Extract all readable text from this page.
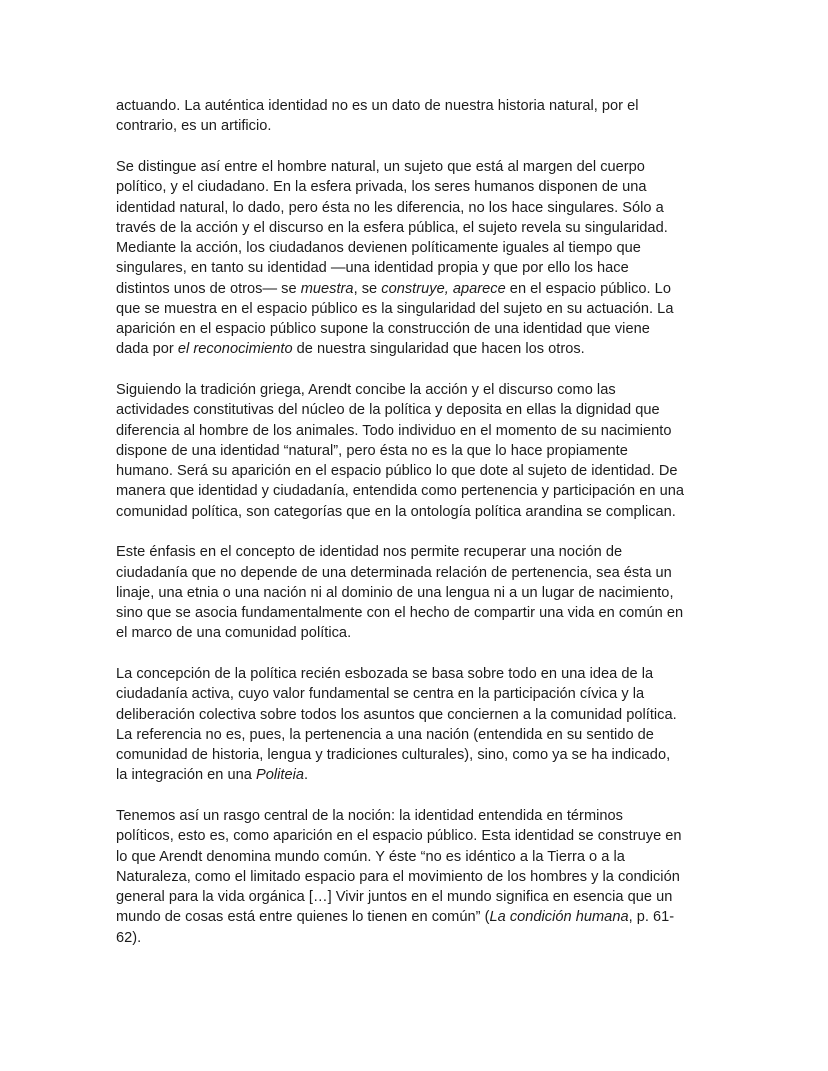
actuando. La auténtica identidad no es un dato de nuestra historia natural, por el
contrario, es un artificio.

Se distingue así entre el hombre natural, un sujeto que está al margen del cuerpo
político, y el ciudadano. En la esfera privada, los seres humanos disponen de una
identidad natural, lo dado, pero ésta no les diferencia, no los hace singulares. Sólo a
través de la acción y el discurso en la esfera pública, el sujeto revela su singularidad.
Mediante la acción, los ciudadanos devienen políticamente iguales al tiempo que
singulares, en tanto su identidad —una identidad propia y que por ello los hace
distintos unos de otros— se muestra, se construye, aparece en el espacio público. Lo
que se muestra en el espacio público es la singularidad del sujeto en su actuación. La
aparición en el espacio público supone la construcción de una identidad que viene
dada por el reconocimiento de nuestra singularidad que hacen los otros.

Siguiendo la tradición griega, Arendt concibe la acción y el discurso como las
actividades constitutivas del núcleo de la política y deposita en ellas la dignidad que
diferencia al hombre de los animales. Todo individuo en el momento de su nacimiento
dispone de una identidad “natural”, pero ésta no es la que lo hace propiamente
humano. Será su aparición en el espacio público lo que dote al sujeto de identidad. De
manera que identidad y ciudadanía, entendida como pertenencia y participación en una
comunidad política, son categorías que en la ontología política arandina se complican.

Este énfasis en el concepto de identidad nos permite recuperar una noción de
ciudadanía que no depende de una determinada relación de pertenencia, sea ésta un
linaje, una etnia o una nación ni al dominio de una lengua ni a un lugar de nacimiento,
sino que se asocia fundamentalmente con el hecho de compartir una vida en común en
el marco de una comunidad política.

La concepción de la política recién esbozada se basa sobre todo en una idea de la
ciudadanía activa, cuyo valor fundamental se centra en la participación cívica y la
deliberación colectiva sobre todos los asuntos que conciernen a la comunidad política.
La referencia no es, pues, la pertenencia a una nación (entendida en su sentido de
comunidad de historia, lengua y tradiciones culturales), sino, como ya se ha indicado,
la integración en una Politeia.

Tenemos así un rasgo central de la noción: la identidad entendida en términos
políticos, esto es, como aparición en el espacio público. Esta identidad se construye en
lo que Arendt denomina mundo común. Y éste “no es idéntico a la Tierra o a la
Naturaleza, como el limitado espacio para el movimiento de los hombres y la condición
general para la vida orgánica […] Vivir juntos en el mundo significa en esencia que un
mundo de cosas está entre quienes lo tienen en común” (La condición humana, p. 61-
62).
